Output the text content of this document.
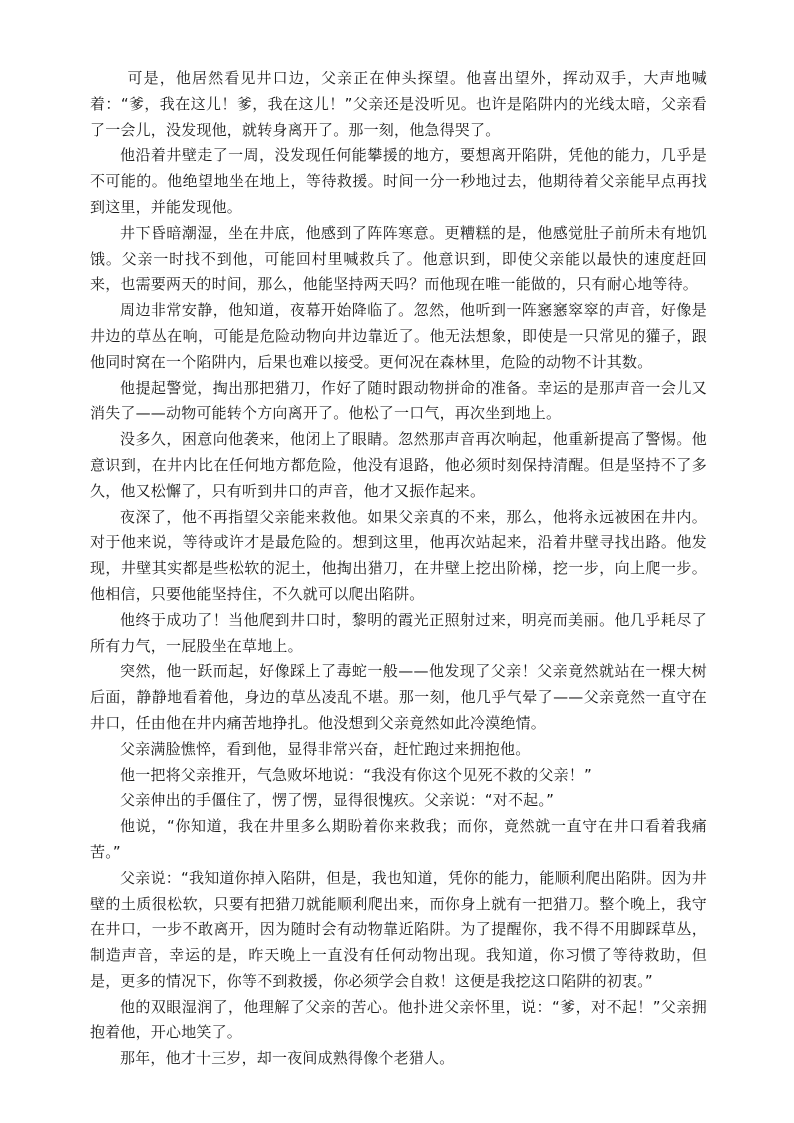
可是，他居然看见井口边，父亲正在伸头探望。他喜出望外，挥动双手，大声地喊着：“爹，我在这儿！爹，我在这儿！”父亲还是没听见。也许是陷阱内的光线太暗，父亲看了一会儿，没发现他，就转身离开了。那一刻，他急得哭了。

他沿着井壁走了一周，没发现任何能攀援的地方，要想离开陷阱，凭他的能力，几乎是不可能的。他绝望地坐在地上，等待救援。时间一分一秒地过去，他期待着父亲能早点再找到这里，并能发现他。

井下昏暗潮湿，坐在井底，他感到了阵阵寒意。更糟糕的是，他感觉肚子前所未有地饥饿。父亲一时找不到他，可能回村里喊救兵了。他意识到，即使父亲能以最快的速度赶回来，也需要两天的时间，那么，他能坚持两天吗？而他现在唯一能做的，只有耐心地等待。

周边非常安静，他知道，夜幕开始降临了。忽然，他听到一阵窸窸窣窣的声音，好像是井边的草丛在响，可能是危险动物向井边靠近了。他无法想象，即使是一只常见的獾子，跟他同时窝在一个陷阱内，后果也难以接受。更何况在森林里，危险的动物不计其数。

他提起警觉，掏出那把猎刀，作好了随时跟动物拼命的准备。幸运的是那声音一会儿又消失了——动物可能转个方向离开了。他松了一口气，再次坐到地上。

没多久，困意向他袭来，他闭上了眼睛。忽然那声音再次响起，他重新提高了警惕。他意识到，在井内比在任何地方都危险，他没有退路，他必须时刻保持清醒。但是坚持不了多久，他又松懈了，只有听到井口的声音，他才又振作起来。

夜深了，他不再指望父亲能来救他。如果父亲真的不来，那么，他将永远被困在井内。对于他来说，等待或许才是最危险的。想到这里，他再次站起来，沿着井壁寻找出路。他发现，井壁其实都是些松软的泥土，他掏出猎刀，在井壁上挖出阶梯，挖一步，向上爬一步。他相信，只要他能坚持住，不久就可以爬出陷阱。

他终于成功了！当他爬到井口时，黎明的霞光正照射过来，明亮而美丽。他几乎耗尽了所有力气，一屁股坐在草地上。

突然，他一跃而起，好像踩上了毒蛇一般——他发现了父亲！父亲竟然就站在一棵大树后面，静静地看着他，身边的草丛凌乱不堪。那一刻，他几乎气晕了——父亲竟然一直守在井口，任由他在井内痛苦地挣扎。他没想到父亲竟然如此冷漠绝情。

父亲满脸憔悴，看到他，显得非常兴奋，赶忙跑过来拥抱他。

他一把将父亲推开，气急败坏地说：“我没有你这个见死不救的父亲！”

父亲伸出的手僵住了，愣了愣，显得很愧疚。父亲说：“对不起。”

他说，“你知道，我在井里多么期盼着你来救我；而你，竟然就一直守在井口看着我痛苦。”

父亲说：“我知道你掉入陷阱，但是，我也知道，凭你的能力，能顺利爬出陷阱。因为井壁的土质很松软，只要有把猎刀就能顺利爬出来，而你身上就有一把猎刀。整个晚上，我守在井口，一步不敢离开，因为随时会有动物靠近陷阱。为了提醒你，我不得不用脚踩草丛，制造声音，幸运的是，昨天晚上一直没有任何动物出现。我知道，你习惯了等待救助，但是，更多的情况下，你等不到救援，你必须学会自救！这便是我挖这口陷阱的初衷。”

他的双眼湿润了，他理解了父亲的苦心。他扑进父亲怀里，说：“爹，对不起！”父亲拥抱着他，开心地笑了。

那年，他才十三岁，却一夜间成熟得像个老猎人。
